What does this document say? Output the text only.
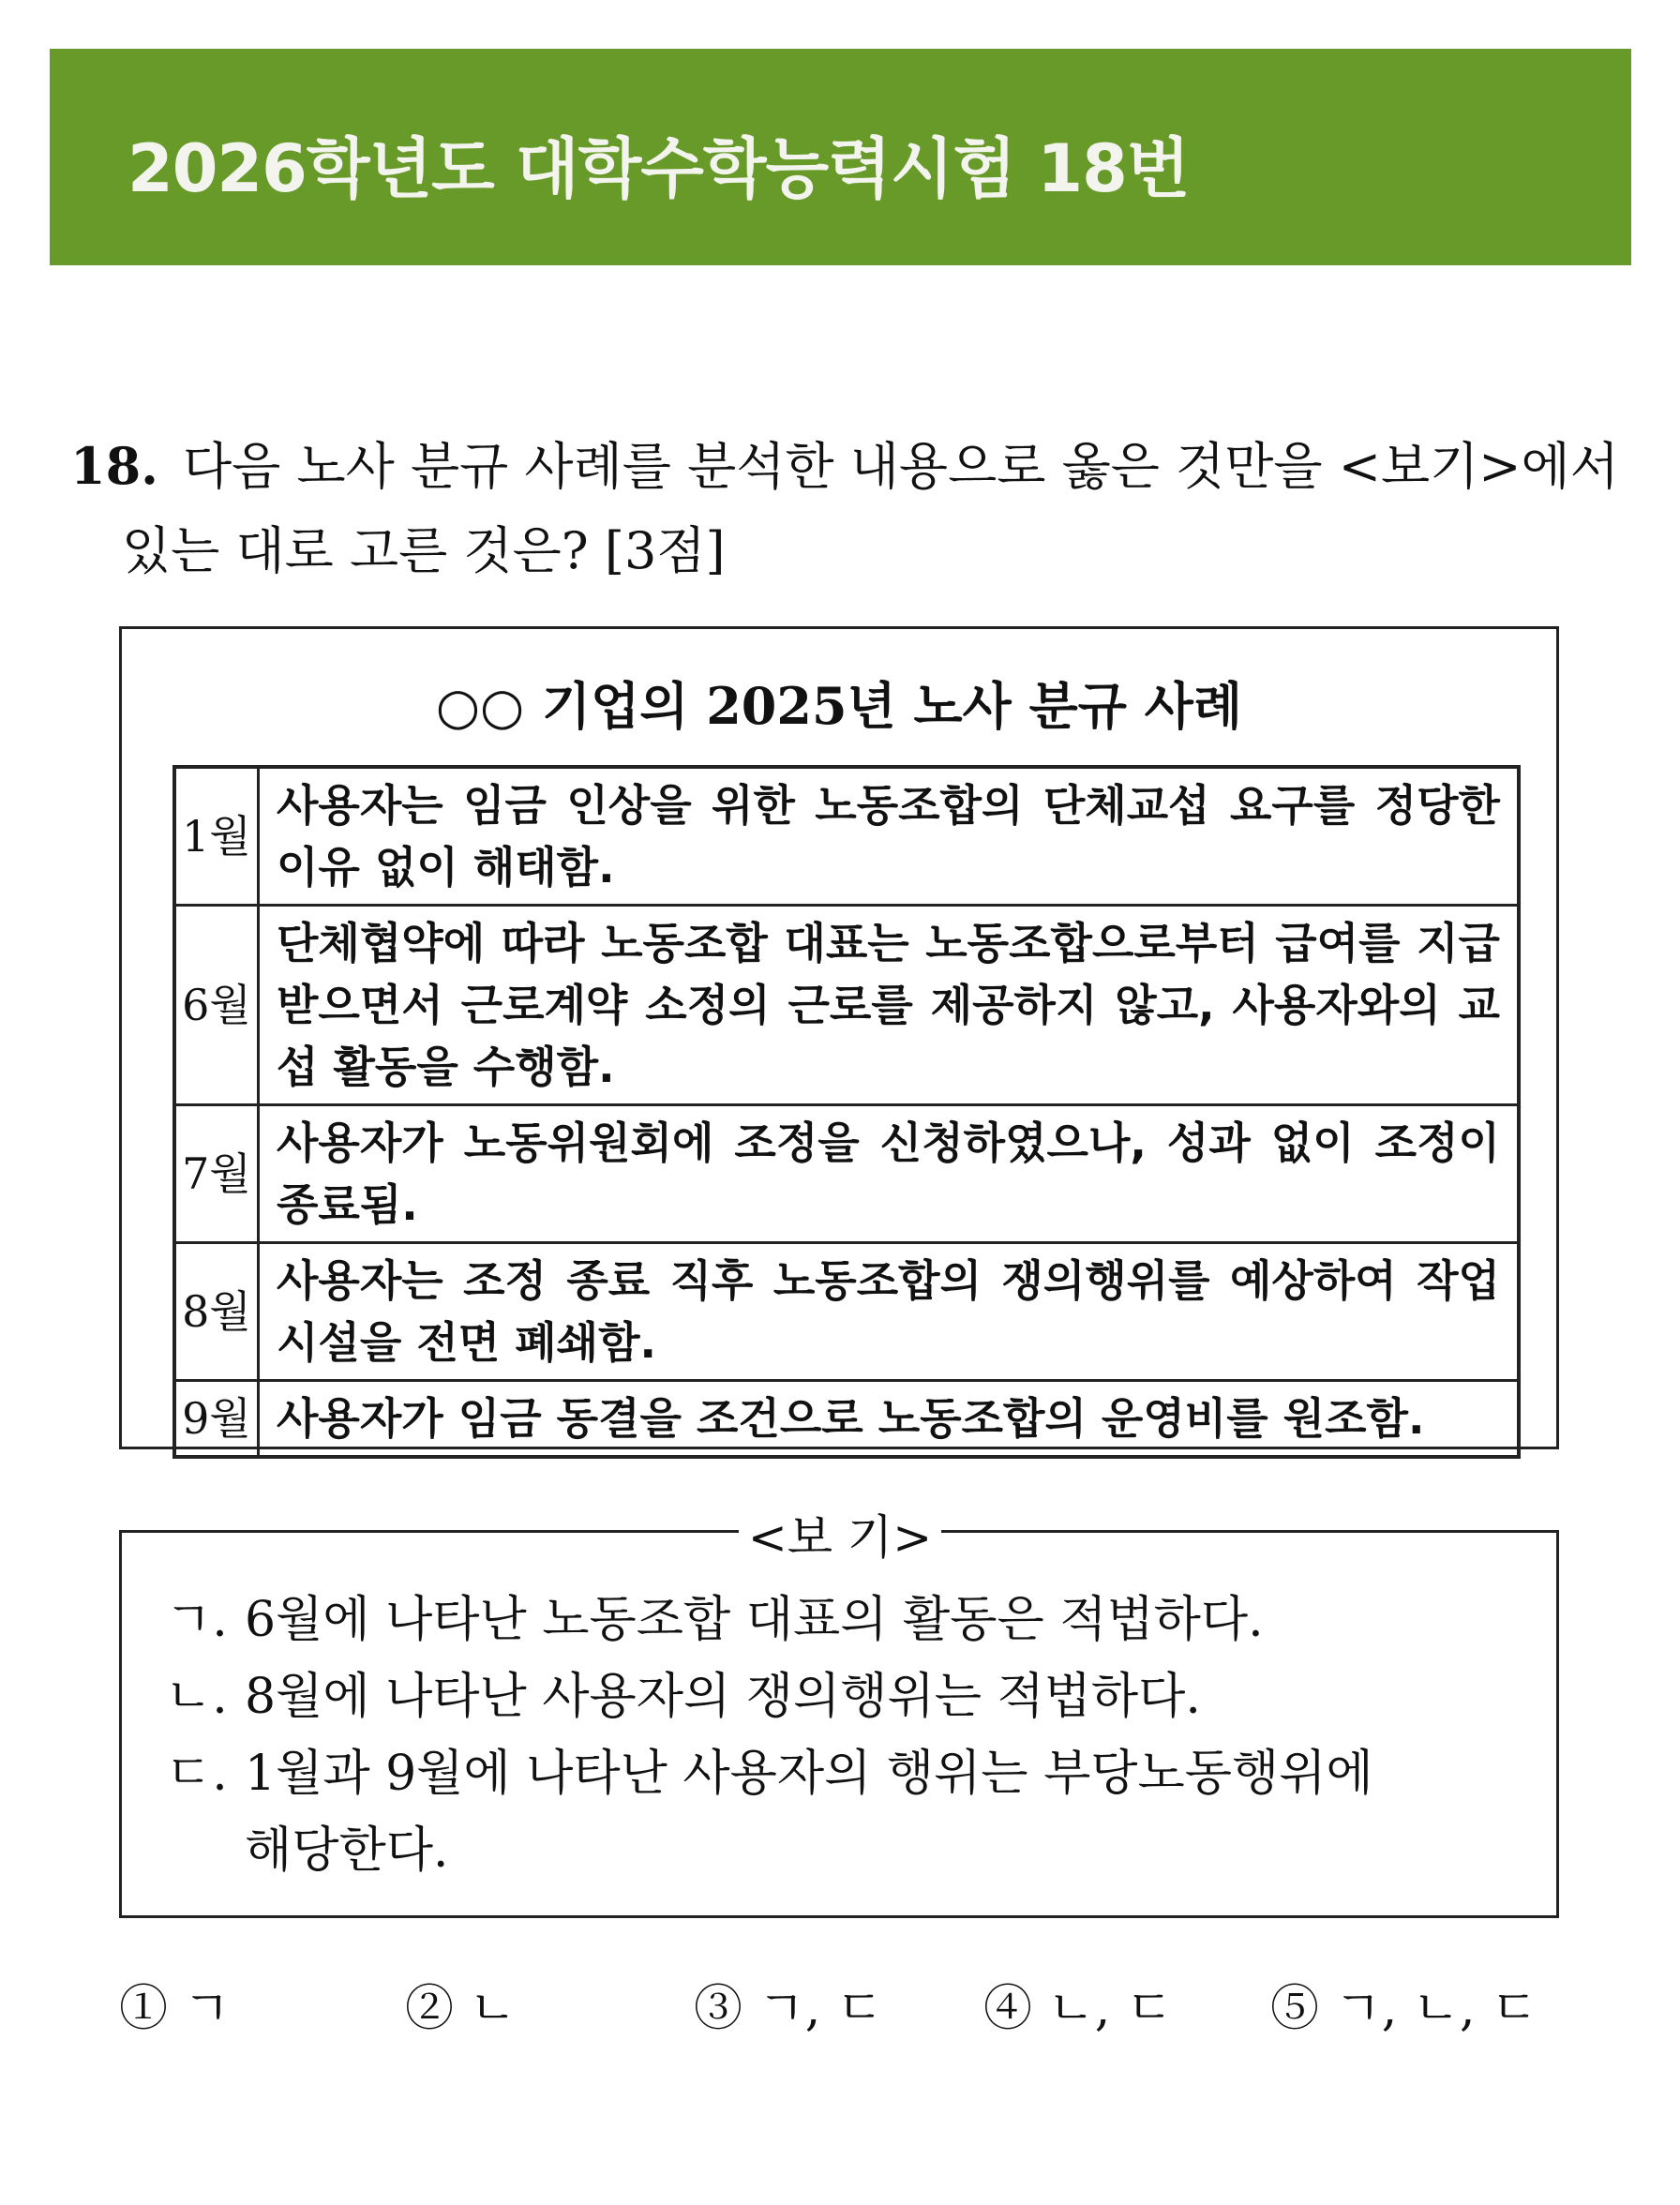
2026학년도 대학수학능력시험 18번
18. 다음 노사 분규 사례를 분석한 내용으로 옳은 것만을 <보기>에서
있는 대로 고른 것은? [3점]
○○ 기업의 2025년 노사 분규 사례
1월	사용자는 임금 인상을 위한 노동조합의 단체교섭 요구를 정당한 이유 없이 해태함.
6월	단체협약에 따라 노동조합 대표는 노동조합으로부터 급여를 지급받으면서 근로계약 소정의 근로를 제공하지 않고, 사용자와의 교섭 활동을 수행함.
7월	사용자가 노동위원회에 조정을 신청하였으나, 성과 없이 조정이 종료됨.
8월	사용자는 조정 종료 직후 노동조합의 쟁의행위를 예상하여 작업 시설을 전면 폐쇄함.
9월	사용자가 임금 동결을 조건으로 노동조합의 운영비를 원조함.
ㄱ. 6월에 나타난 노동조합 대표의 활동은 적법하다.
ㄴ. 8월에 나타난 사용자의 쟁의행위는 적법하다.
ㄷ. 1월과 9월에 나타난 사용자의 행위는 부당노동행위에
해당한다.
<보 기>
① ㄱ	② ㄴ	③ ㄱ, ㄷ ④ ㄴ, ㄷ ⑤ ㄱ, ㄴ, ㄷ
